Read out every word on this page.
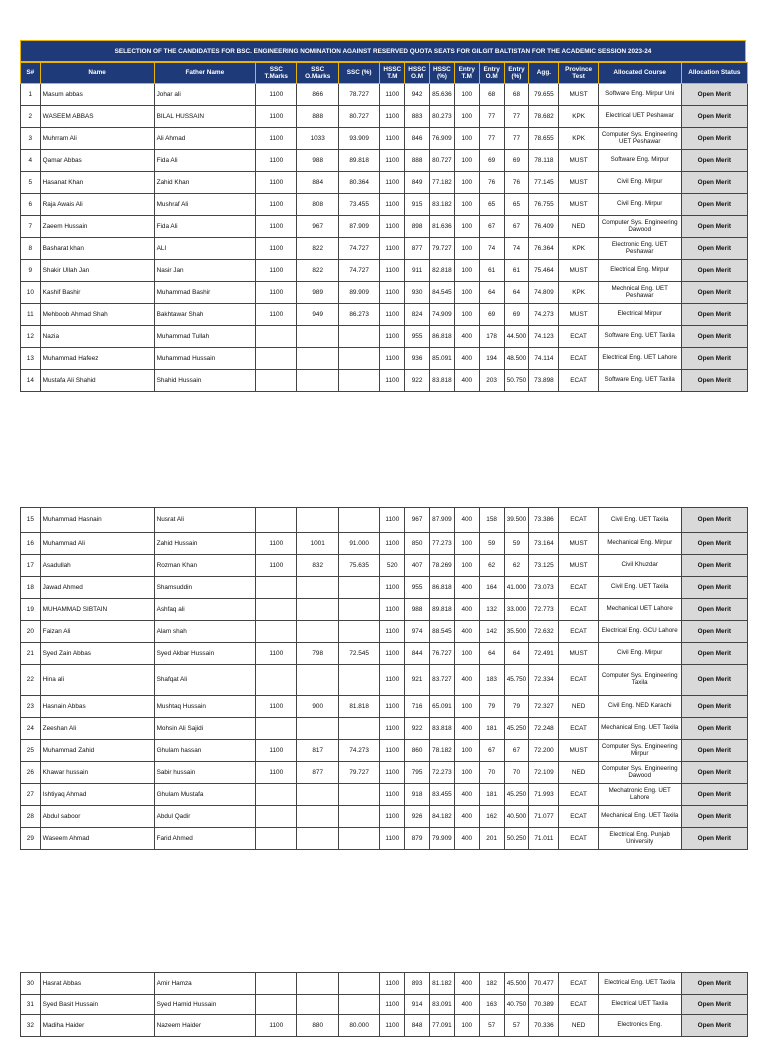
SELECTION OF THE CANDIDATES FOR BSC. ENGINEERING NOMINATION AGAINST RESERVED QUOTA SEATS FOR GILGIT BALTISTAN FOR THE ACADEMIC SESSION 2023-24
S#	Name	Father Name	SSC T.Marks	SSC O.Marks	SSC (%)	HSSC T.M	HSSC O.M	HSSC (%)	Entry T.M	Entry O.M	Entry (%)	Agg.	Province Test	Allocated Course	Allocation Status
1	Masum abbas	Johar ali	1100	866	78.727	1100	942	85.636	100	68	68	79.655	MUST	Software Eng. Mirpur Uni	Open Merit
2	WASEEM ABBAS	BILAL HUSSAIN	1100	888	80.727	1100	883	80.273	100	77	77	78.682	KPK	Electrical UET Peshawar	Open Merit
3	Muhrram Ali	Ali Ahmad	1100	1033	93.909	1100	846	76.909	100	77	77	78.655	KPK	Computer Sys. Engineering UET Peshawar	Open Merit
4	Qamar Abbas	Fida Ali	1100	988	89.818	1100	888	80.727	100	69	69	78.118	MUST	Software Eng. Mirpur	Open Merit
5	Hasanat Khan	Zahid Khan	1100	884	80.364	1100	849	77.182	100	76	76	77.145	MUST	Civil Eng. Mirpur	Open Merit
6	Raja Awais Ali	Mushraf Ali	1100	808	73.455	1100	915	83.182	100	65	65	76.755	MUST	Civil Eng. Mirpur	Open Merit
7	Zaeem Hussain	Fida Ali	1100	967	87.909	1100	898	81.636	100	67	67	76.409	NED	Computer Sys. Engineering Dawood	Open Merit
8	Basharat khan	ALI	1100	822	74.727	1100	877	79.727	100	74	74	76.364	KPK	Electronic Eng. UET Peshawar	Open Merit
9	Shakir Ullah Jan	Nasir Jan	1100	822	74.727	1100	911	82.818	100	61	61	75.464	MUST	Electrical Eng. Mirpur	Open Merit
10	Kashif Bashir	Muhammad Bashir	1100	989	89.909	1100	930	84.545	100	64	64	74.809	KPK	Mechnical Eng. UET Peshawar	Open Merit
11	Mehboob Ahmad Shah	Bakhtawar Shah	1100	949	86.273	1100	824	74.909	100	69	69	74.273	MUST	Electrical Mirpur	Open Merit
12	Nazia	Muhammad Tullah				1100	955	86.818	400	178	44.500	74.123	ECAT	Software Eng. UET Taxila	Open Merit
13	Muhammad Hafeez	Muhammad Hussain				1100	936	85.091	400	194	48.500	74.114	ECAT	Electrical Eng. UET Lahore	Open Merit
14	Mustafa Ali Shahid	Shahid Hussain				1100	922	83.818	400	203	50.750	73.898	ECAT	Software Eng. UET Taxila	Open Merit
15	Muhammad Hasnain	Nusrat Ali				1100	967	87.909	400	158	39.500	73.386	ECAT	Civil Eng. UET Taxila	Open Merit
16	Muhammad Ali	Zahid Hussain	1100	1001	91.000	1100	850	77.273	100	59	59	73.164	MUST	Mechanical Eng. Mirpur	Open Merit
17	Asadullah	Rozman Khan	1100	832	75.635	520	407	78.269	100	62	62	73.125	MUST	Civil Khuzdar	Open Merit
18	Jawad Ahmed	Shamsuddin				1100	955	86.818	400	164	41.000	73.073	ECAT	Civil Eng. UET Taxila	Open Merit
19	MUHAMMAD SIBTAIN	Ashfaq ali				1100	988	89.818	400	132	33.000	72.773	ECAT	Mechanical UET Lahore	Open Merit
20	Faizan Ali	Alam shah				1100	974	88.545	400	142	35.500	72.632	ECAT	Electrical Eng. GCU Lahore	Open Merit
21	Syed Zain Abbas	Syed Akbar Hussain	1100	798	72.545	1100	844	76.727	100	64	64	72.491	MUST	Civil Eng. Mirpur	Open Merit
22	Hina ali	Shafqat Ali				1100	921	83.727	400	183	45.750	72.334	ECAT	Computer Sys. Engineering Taxila	Open Merit
23	Hasnain Abbas	Mushtaq Hussain	1100	900	81.818	1100	716	65.091	100	79	79	72.327	NED	Civil Eng. NED Karachi	Open Merit
24	Zeeshan Ali	Mohsin Ali Sajidi				1100	922	83.818	400	181	45.250	72.248	ECAT	Mechanical Eng. UET Taxila	Open Merit
25	Muhammad Zahid	Ghulam hassan	1100	817	74.273	1100	860	78.182	100	67	67	72.200	MUST	Computer Sys. Engineering Mirpur	Open Merit
26	Khawar hussain	Sabir hussain	1100	877	79.727	1100	795	72.273	100	70	70	72.109	NED	Computer Sys. Engineering Dawood	Open Merit
27	Ishtiyaq Ahmad	Ghulam Mustafa				1100	918	83.455	400	181	45.250	71.993	ECAT	Mechatronic Eng. UET Lahore	Open Merit
28	Abdul saboor	Abdul Qadir				1100	926	84.182	400	162	40.500	71.077	ECAT	Mechanical Eng. UET Taxila	Open Merit
29	Waseem Ahmad	Farid Ahmed				1100	879	79.909	400	201	50.250	71.011	ECAT	Electrical Eng. Punjab University	Open Merit
30	Hasrat Abbas	Amir Hamza				1100	893	81.182	400	182	45.500	70.477	ECAT	Electrical Eng. UET Taxila	Open Merit
31	Syed Basit Hussain	Syed Hamid Hussain				1100	914	83.091	400	163	40.750	70.389	ECAT	Electrical UET Taxila	Open Merit
32	Madiha Haider	Nazeem Haider	1100	880	80.000	1100	848	77.091	100	57	57	70.336	NED	Electronics Eng.	Open Merit
